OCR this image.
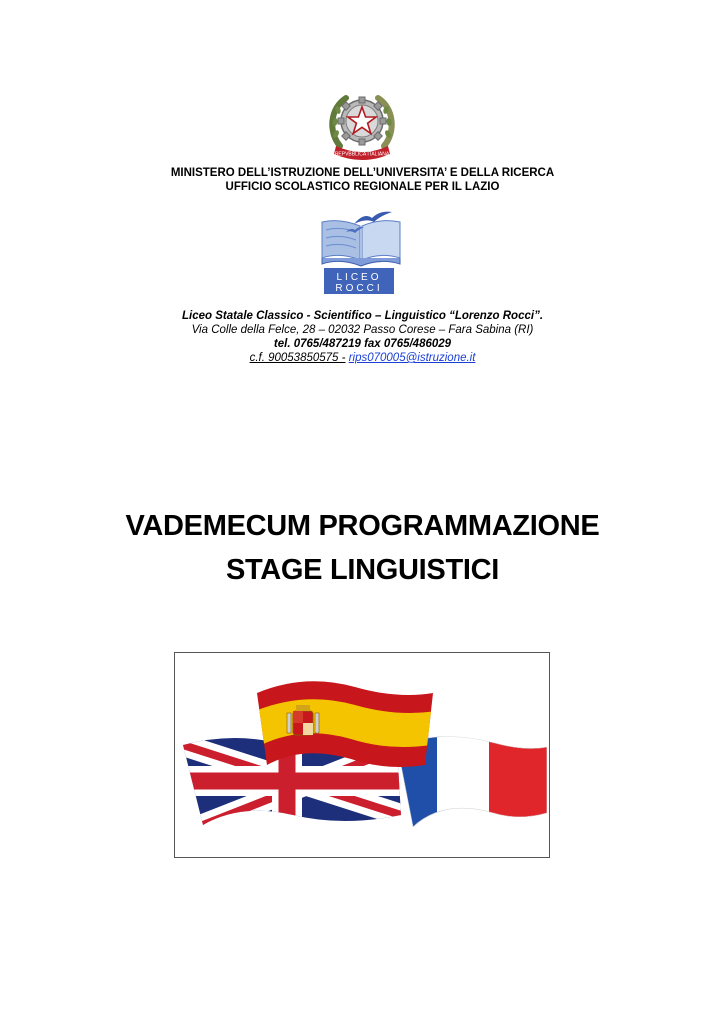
REPVBBLICA ITALIANA
MINISTERO DELL’ISTRUZIONE DELL’UNIVERSITA’ E DELLA RICERCA
UFFICIO SCOLASTICO REGIONALE PER IL LAZIO
LICEO
ROCCI
Liceo Statale Classico - Scientifico – Linguistico “Lorenzo Rocci”.
Via Colle della Felce, 28 – 02032 Passo Corese – Fara Sabina (RI)
tel. 0765/487219 fax 0765/486029
c.f. 90053850575 - rips070005@istruzione.it
VADEMECUM PROGRAMMAZIONE
STAGE LINGUISTICI
